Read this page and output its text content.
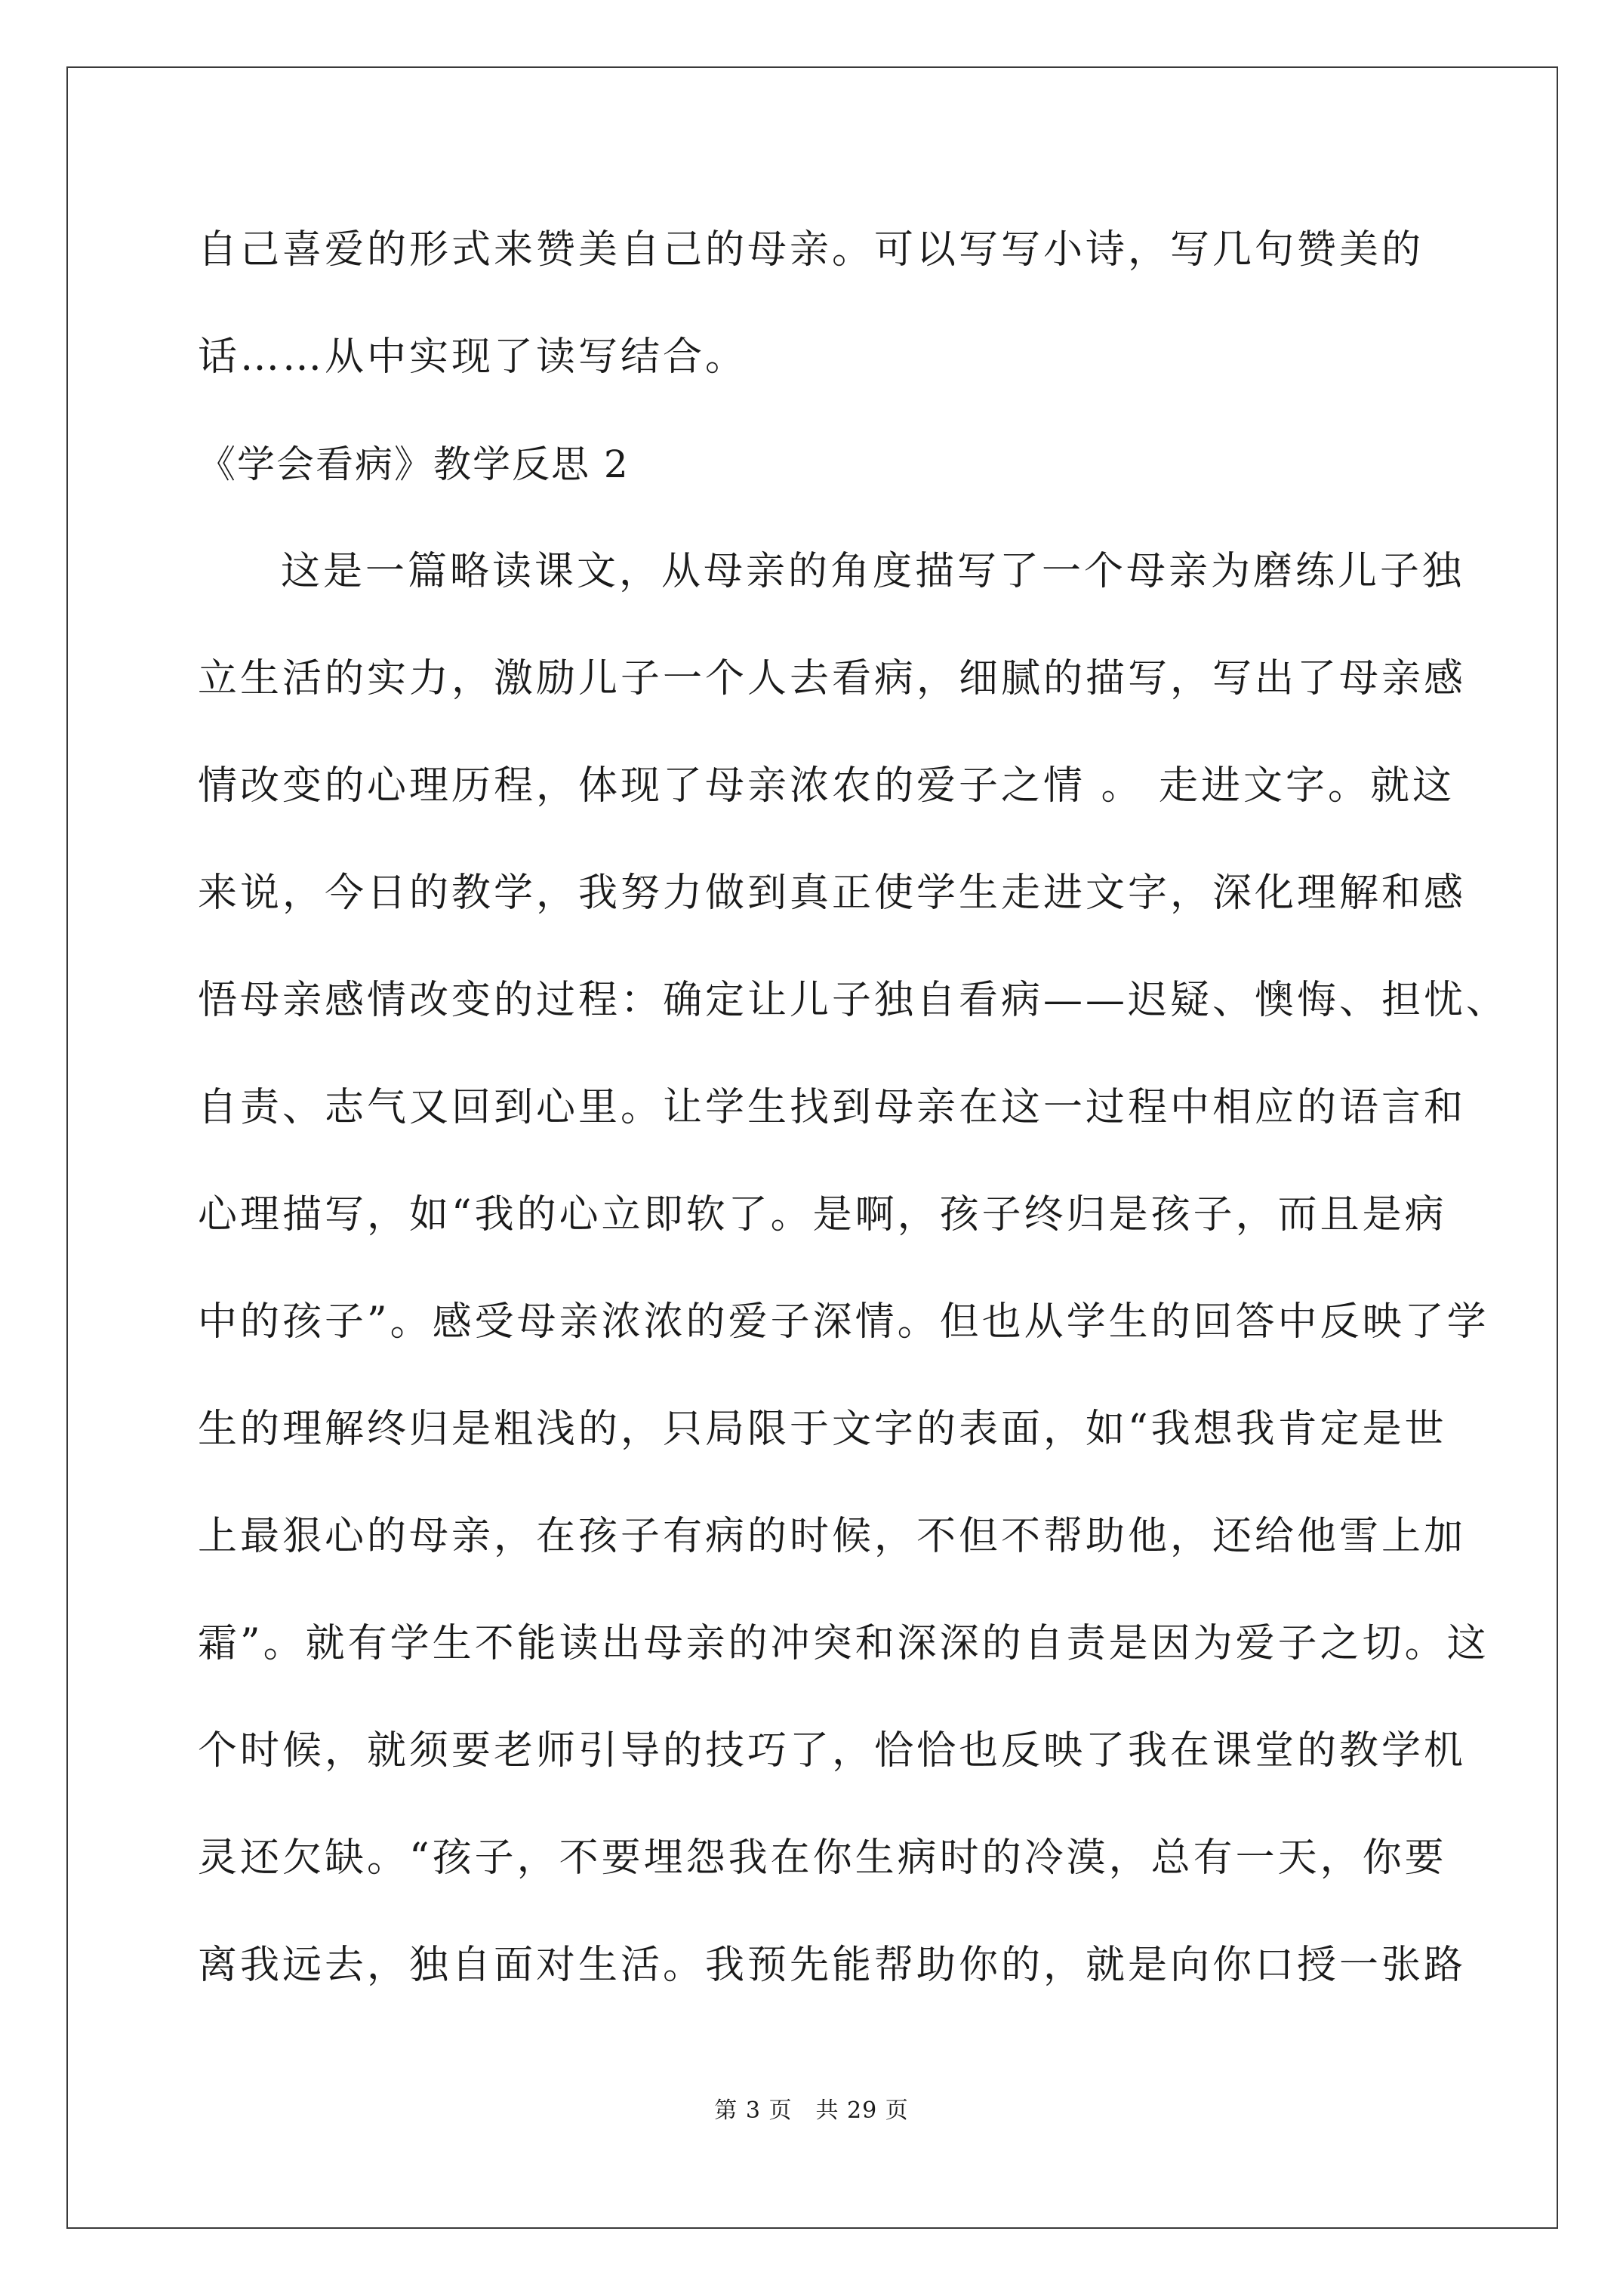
自己喜爱的形式来赞美自己的母亲。可以写写小诗，写几句赞美的
话……从中实现了读写结合。
《学会看病》教学反思 2
这是一篇略读课文，从母亲的角度描写了一个母亲为磨练儿子独
立生活的实力，激励儿子一个人去看病，细腻的描写，写出了母亲感
情改变的心理历程，体现了母亲浓农的爱子之情 。 走进文字。就这
来说，今日的教学，我努力做到真正使学生走进文字，深化理解和感
悟母亲感情改变的过程：确定让儿子独自看病——迟疑、懊悔、担忧、
自责、志气又回到心里。让学生找到母亲在这一过程中相应的语言和
心理描写，如“我的心立即软了。是啊，孩子终归是孩子，而且是病
中的孩子”。感受母亲浓浓的爱子深情。但也从学生的回答中反映了学
生的理解终归是粗浅的，只局限于文字的表面，如“我想我肯定是世
上最狠心的母亲，在孩子有病的时候，不但不帮助他，还给他雪上加
霜”。就有学生不能读出母亲的冲突和深深的自责是因为爱子之切。这
个时候，就须要老师引导的技巧了，恰恰也反映了我在课堂的教学机
灵还欠缺。“孩子，不要埋怨我在你生病时的冷漠，总有一天，你要
离我远去，独自面对生活。我预先能帮助你的，就是向你口授一张路
第 3 页　共 29 页
